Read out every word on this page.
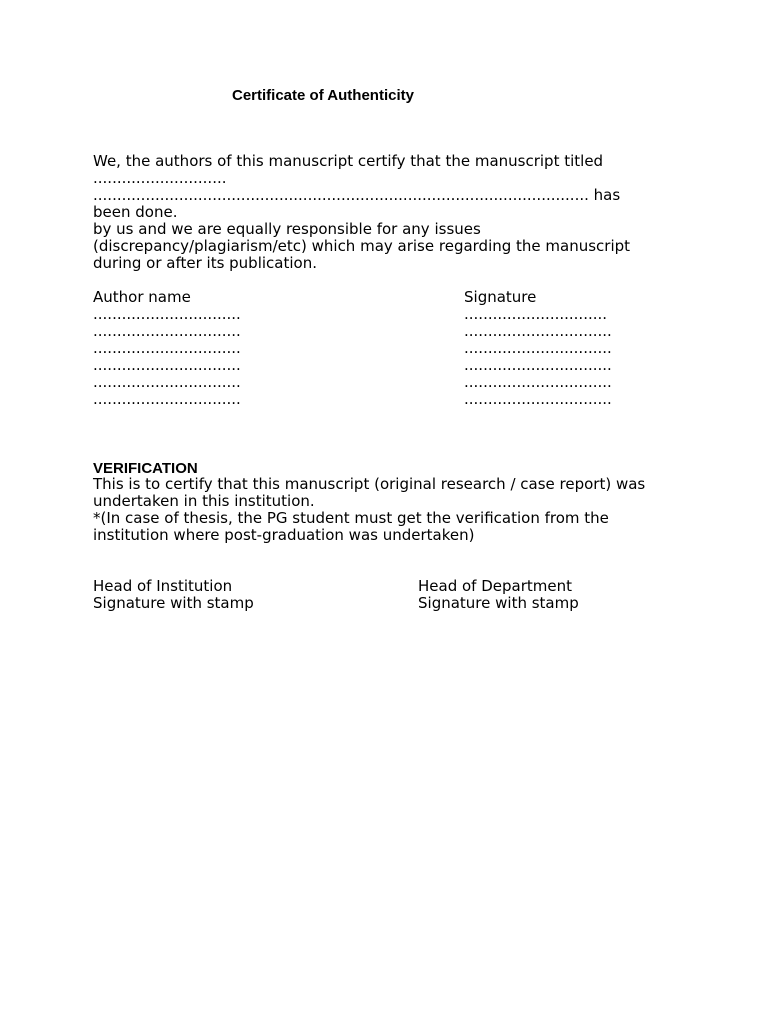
Certificate of Authenticity
We, the authors of this manuscript certify that the manuscript titled
............................
........................................................................................................ has
been done.
by us and we are equally responsible for any issues
(discrepancy/plagiarism/etc) which may arise regarding the manuscript
during or after its publication.
Author name	Signature
...............................
...............................
...............................
...............................
...............................
...............................
..............................
...............................
...............................
...............................
...............................
...............................
VERIFICATION
This is to certify that this manuscript (original research / case report) was
undertaken in this institution.
*(In case of thesis, the PG student must get the verification from the
institution where post-graduation was undertaken)
Head of Institution
Signature with stamp
Head of Department
Signature with stamp
